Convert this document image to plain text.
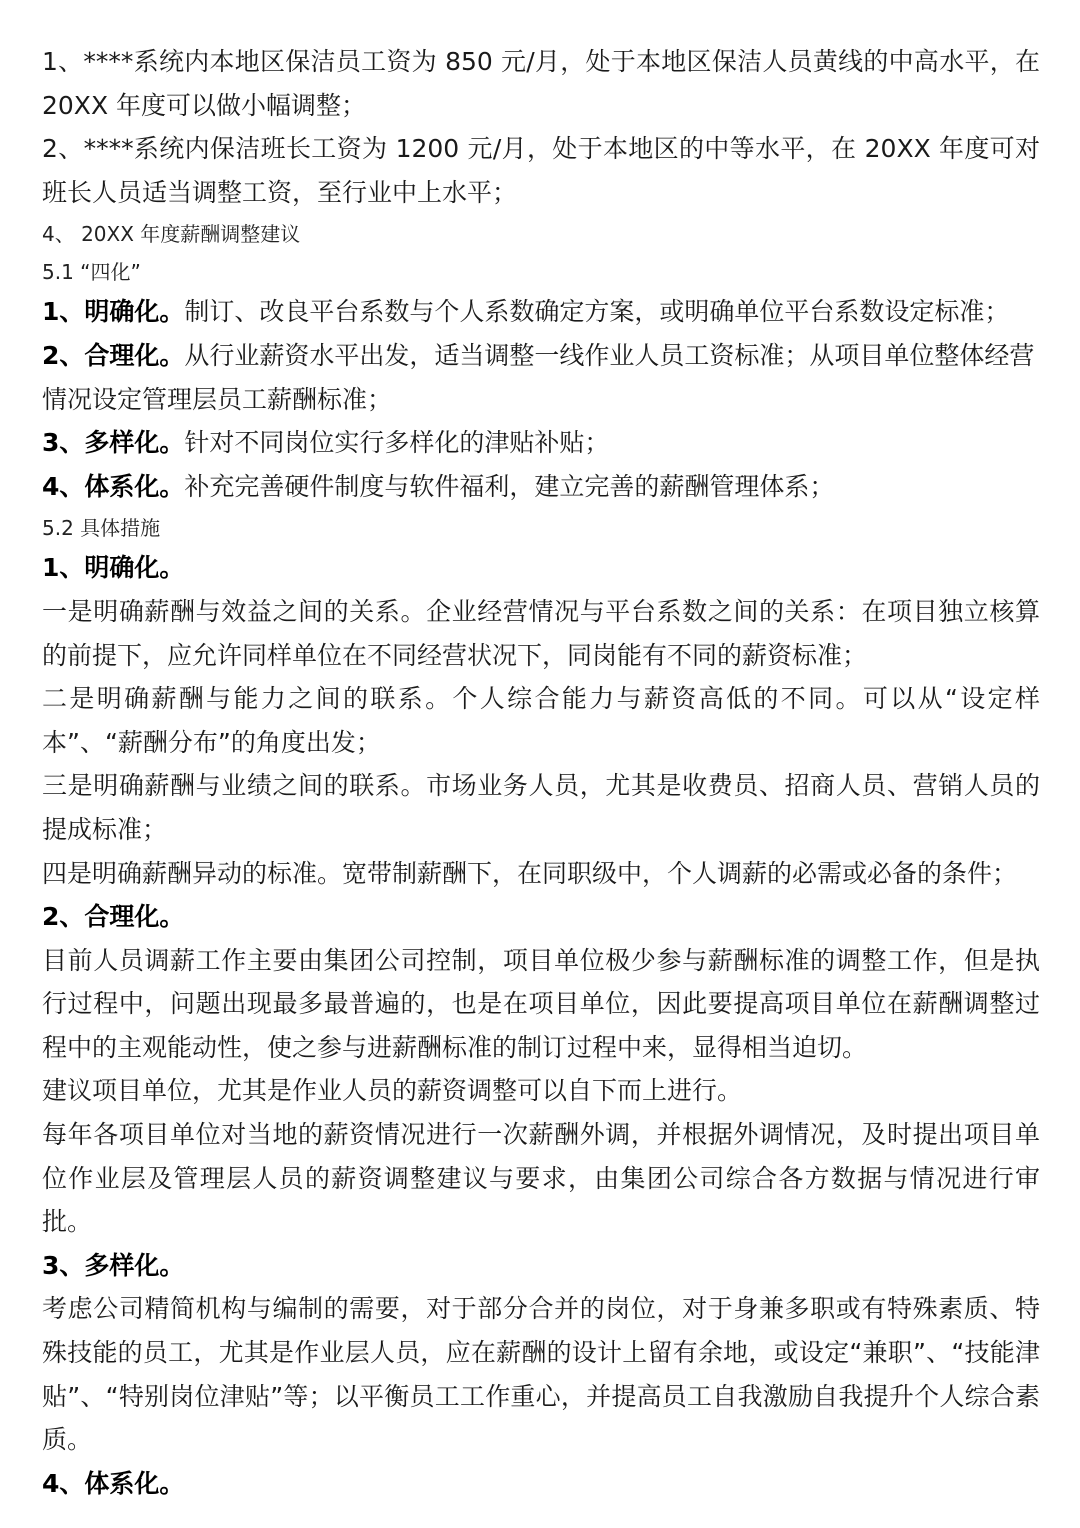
1、****系统内本地区保洁员工资为 850 元/月，处于本地区保洁人员黄线的中高水平，在 20XX 年度可以做小幅调整；

2、****系统内保洁班长工资为 1200 元/月，处于本地区的中等水平，在 20XX 年度可对班长人员适当调整工资，至行业中上水平；

4、 20XX 年度薪酬调整建议

5.1 “四化”

1、明确化。制订、改良平台系数与个人系数确定方案，或明确单位平台系数设定标准；

2、合理化。从行业薪资水平出发，适当调整一线作业人员工资标准；从项目单位整体经营情况设定管理层员工薪酬标准；

3、多样化。针对不同岗位实行多样化的津贴补贴；

4、体系化。补充完善硬件制度与软件福利，建立完善的薪酬管理体系；

5.2 具体措施

1、明确化。

一是明确薪酬与效益之间的关系。企业经营情况与平台系数之间的关系：在项目独立核算的前提下，应允许同样单位在不同经营状况下，同岗能有不同的薪资标准；

二是明确薪酬与能力之间的联系。个人综合能力与薪资高低的不同。可以从“设定样本”、“薪酬分布”的角度出发；

三是明确薪酬与业绩之间的联系。市场业务人员，尤其是收费员、招商人员、营销人员的提成标准；

四是明确薪酬异动的标准。宽带制薪酬下，在同职级中，个人调薪的必需或必备的条件；

2、合理化。

目前人员调薪工作主要由集团公司控制，项目单位极少参与薪酬标准的调整工作，但是执行过程中，问题出现最多最普遍的，也是在项目单位，因此要提高项目单位在薪酬调整过程中的主观能动性，使之参与进薪酬标准的制订过程中来，显得相当迫切。

建议项目单位，尤其是作业人员的薪资调整可以自下而上进行。

每年各项目单位对当地的薪资情况进行一次薪酬外调，并根据外调情况，及时提出项目单位作业层及管理层人员的薪资调整建议与要求，由集团公司综合各方数据与情况进行审批。

3、多样化。

考虑公司精简机构与编制的需要，对于部分合并的岗位，对于身兼多职或有特殊素质、特殊技能的员工，尤其是作业层人员，应在薪酬的设计上留有余地，或设定“兼职”、“技能津贴”、“特别岗位津贴”等；以平衡员工工作重心，并提高员工自我激励自我提升个人综合素质。

4、体系化。
